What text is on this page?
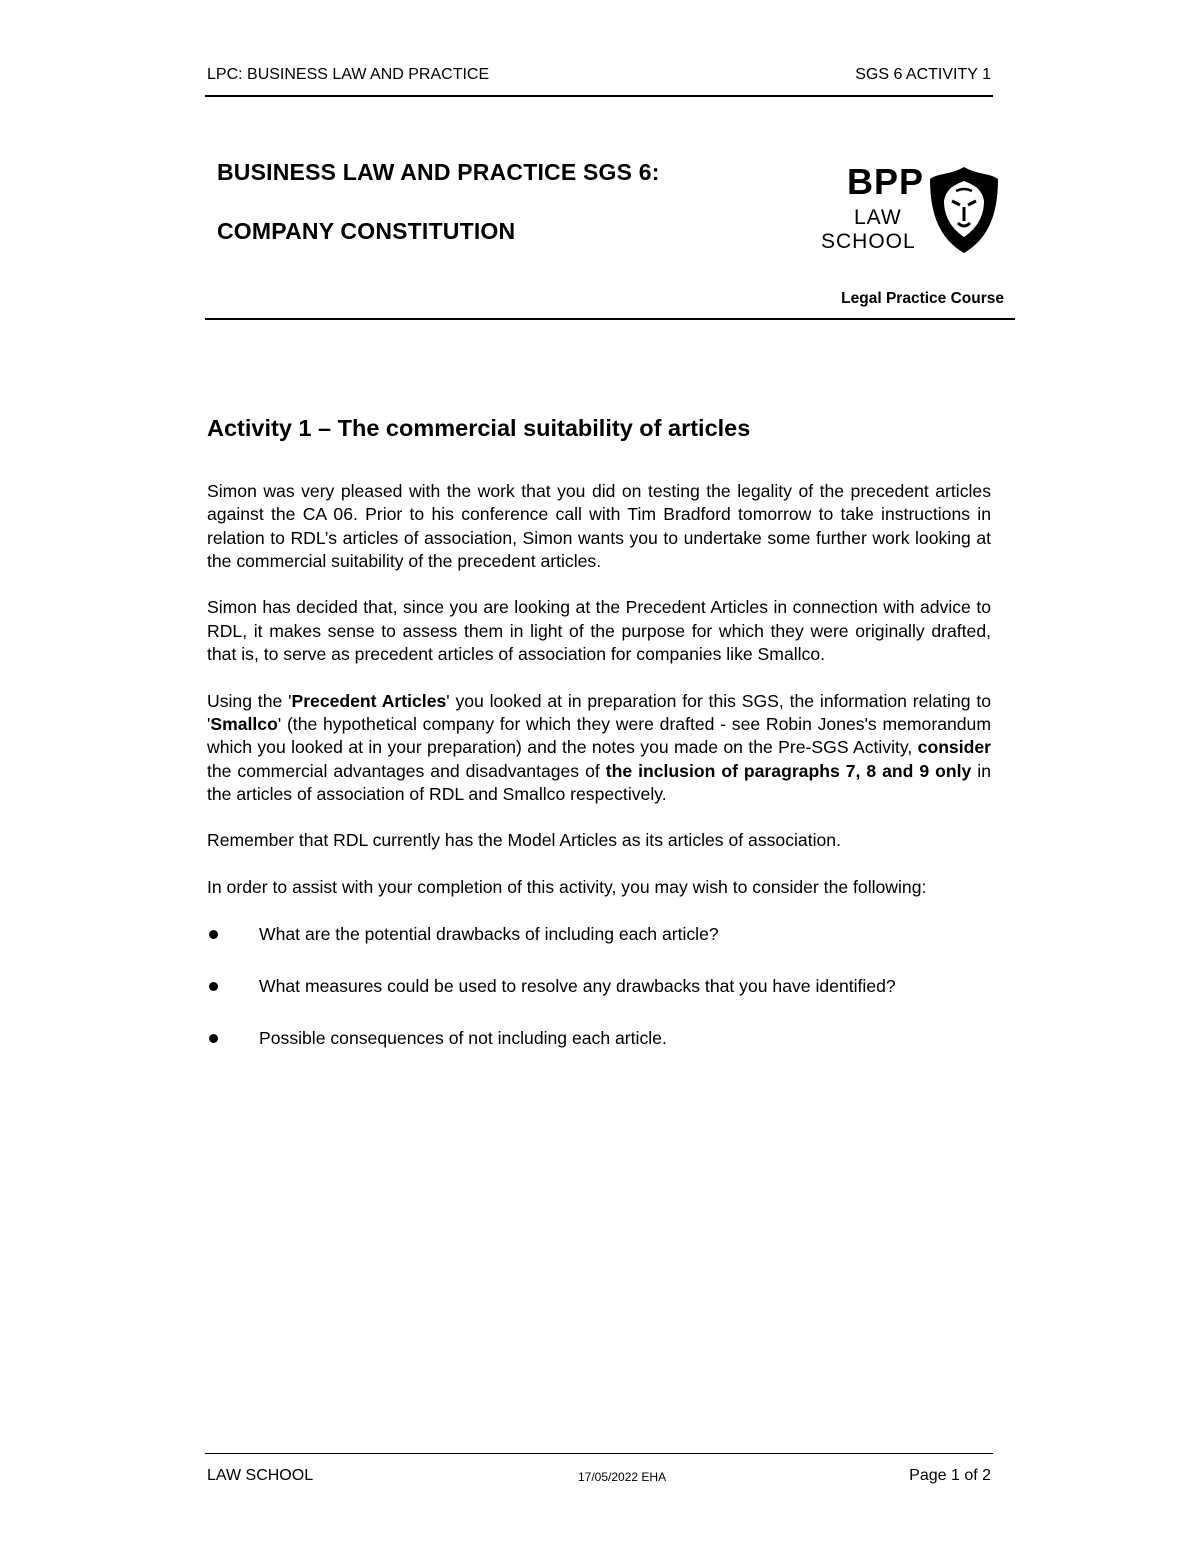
LPC: BUSINESS LAW AND PRACTICE	SGS 6 ACTIVITY 1
BUSINESS LAW AND PRACTICE SGS 6:
COMPANY CONSTITUTION
BPP
LAW
SCHOOL
Legal Practice Course
Activity 1 – The commercial suitability of articles

Simon was very pleased with the work that you did on testing the legality of the precedent articles against the CA 06. Prior to his conference call with Tim Bradford tomorrow to take instructions in relation to RDL’s articles of association, Simon wants you to undertake some further work looking at the commercial suitability of the precedent articles.

Simon has decided that, since you are looking at the Precedent Articles in connection with advice to RDL, it makes sense to assess them in light of the purpose for which they were originally drafted, that is, to serve as precedent articles of association for companies like Smallco.

Using the 'Precedent Articles' you looked at in preparation for this SGS, the information relating to 'Smallco' (the hypothetical company for which they were drafted - see Robin Jones's memorandum which you looked at in your preparation) and the notes you made on the Pre-SGS Activity, consider the commercial advantages and disadvantages of the inclusion of paragraphs 7, 8 and 9 only in the articles of association of RDL and Smallco respectively.

Remember that RDL currently has the Model Articles as its articles of association.

In order to assist with your completion of this activity, you may wish to consider the following:

What are the potential drawbacks of including each article?
What measures could be used to resolve any drawbacks that you have identified?
Possible consequences of not including each article.
LAW SCHOOL	17/05/2022 EHA	Page 1 of 2
